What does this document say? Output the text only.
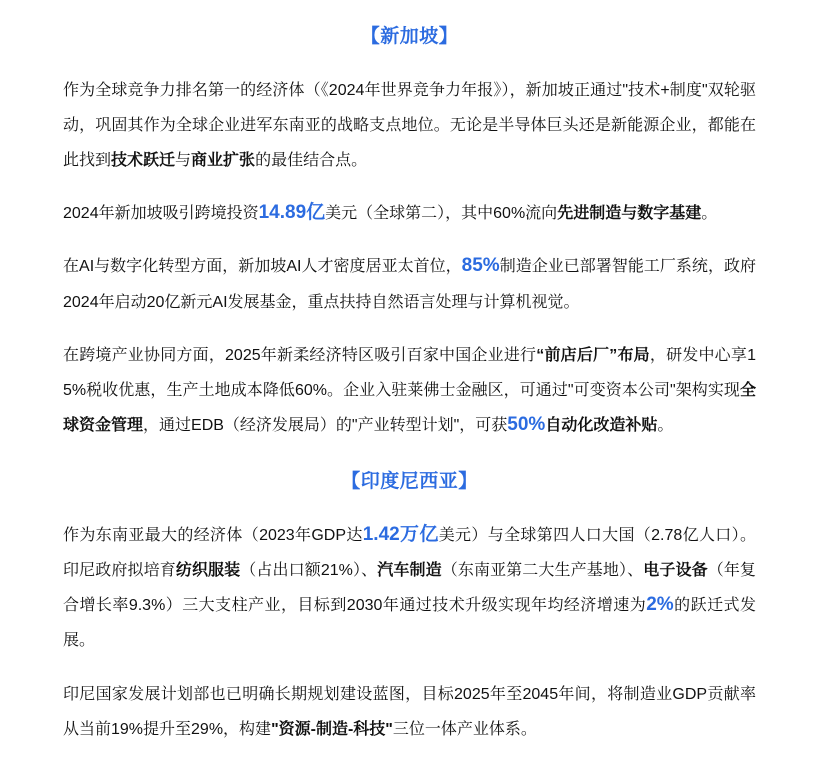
【新加坡】

作为全球竞争力排名第一的经济体（《2024年世界竞争力年报》），新加坡正通过"技术+制度"双轮驱动，巩固其作为全球企业进军东南亚的战略支点地位。无论是半导体巨头还是新能源企业，都能在此找到技术跃迁与商业扩张的最佳结合点。

2024年新加坡吸引跨境投资14.89亿美元（全球第二），其中60%流向先进制造与数字基建。

在AI与数字化转型方面，新加坡AI人才密度居亚太首位，85%制造企业已部署智能工厂系统，政府2024年启动20亿新元AI发展基金，重点扶持自然语言处理与计算机视觉。

在跨境产业协同方面，2025年新柔经济特区吸引百家中国企业进行“前店后厂”布局，研发中心享15%税收优惠，生产土地成本降低60%。企业入驻莱佛士金融区，可通过"可变资本公司"架构实现全球资金管理，通过EDB（经济发展局）的"产业转型计划"，可获50%自动化改造补贴。

【印度尼西亚】

作为东南亚最大的经济体（2023年GDP达1.42万亿美元）与全球第四人口大国（2.78亿人口）。印尼政府拟培育纺织服装（占出口额21%）、汽车制造（东南亚第二大生产基地）、电子设备（年复合增长率9.3%）三大支柱产业，目标到2030年通过技术升级实现年均经济增速为2%的跃迁式发展。

印尼国家发展计划部也已明确长期规划建设蓝图，目标2025年至2045年间，将制造业GDP贡献率从当前19%提升至29%，构建"资源-制造-科技"三位一体产业体系。
